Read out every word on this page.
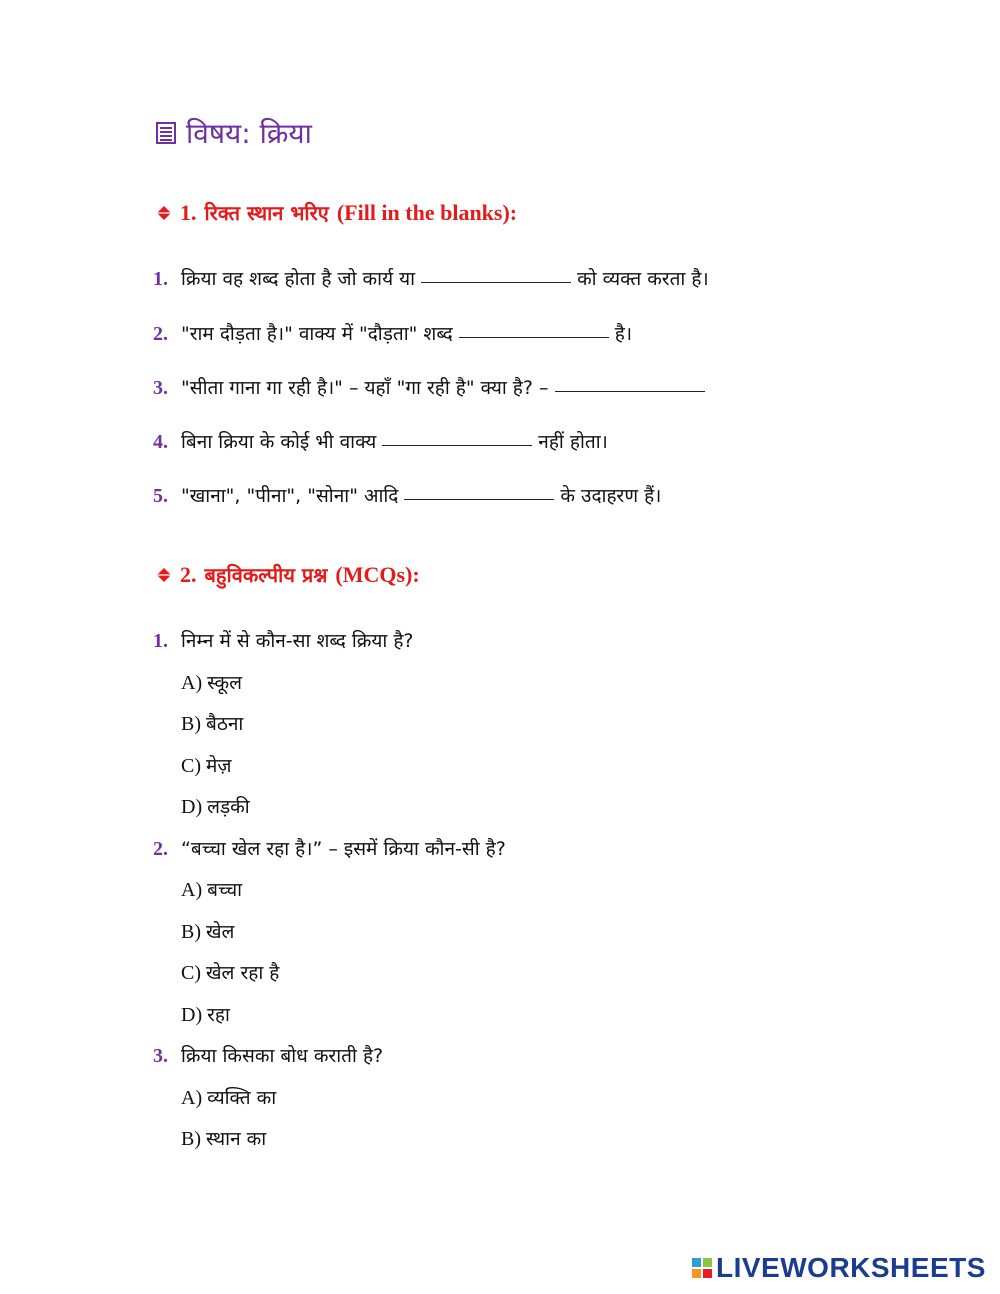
विषय: क्रिया
1. रिक्त स्थान भरिए (Fill in the blanks):
1. क्रिया वह शब्द होता है जो कार्य या	को व्यक्त करता है।
2. "राम दौड़ता है।" वाक्य में "दौड़ता" शब्द	है।
3. "सीता गाना गा रही है।" – यहाँ "गा रही है" क्या है? –
4. बिना क्रिया के कोई भी वाक्य	नहीं होता।
5. "खाना", "पीना", "सोना" आदि	के उदाहरण हैं।
2. बहुविकल्पीय प्रश्न (MCQs):
1. निम्न में से कौन-सा शब्द क्रिया है?
A) स्कूल
B) बैठना
C) मेज़
D) लड़की
2. “बच्चा खेल रहा है।” – इसमें क्रिया कौन-सी है?
A) बच्चा
B) खेल
C) खेल रहा है
D) रहा
3. क्रिया किसका बोध कराती है?
A) व्यक्ति का
B) स्थान का
LIVEWORKSHEETS
